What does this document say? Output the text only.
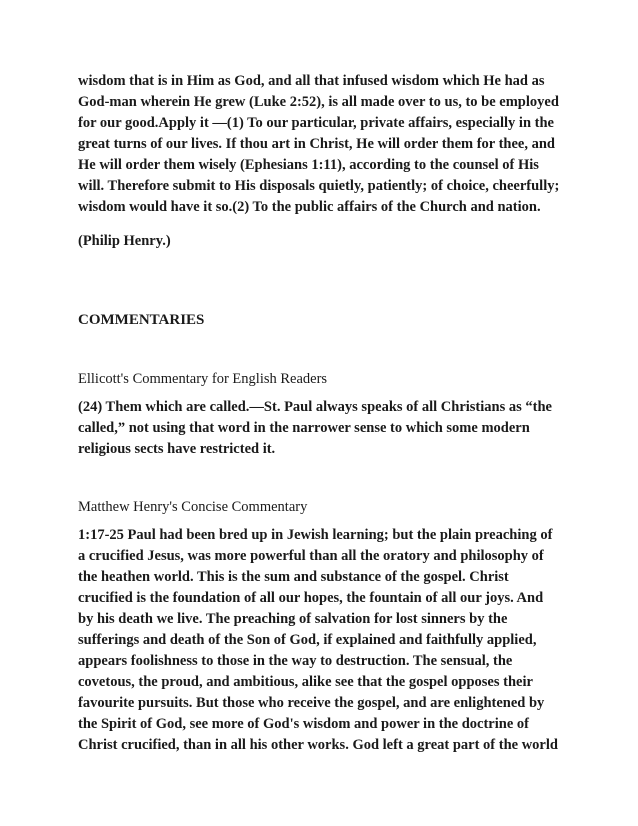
wisdom that is in Him as God, and all that infused wisdom which He had as
God-man wherein He grew (Luke 2:52), is all made over to us, to be employed
for our good.Apply it —(1) To our particular, private affairs, especially in the
great turns of our lives. If thou art in Christ, He will order them for thee, and
He will order them wisely (Ephesians 1:11), according to the counsel of His
will. Therefore submit to His disposals quietly, patiently; of choice, cheerfully;
wisdom would have it so.(2) To the public affairs of the Church and nation.

(Philip Henry.)

COMMENTARIES
Ellicott's Commentary for English Readers

(24) Them which are called.—St. Paul always speaks of all Christians as “the
called,” not using that word in the narrower sense to which some modern
religious sects have restricted it.

Matthew Henry's Concise Commentary

1:17-25 Paul had been bred up in Jewish learning; but the plain preaching of
a crucified Jesus, was more powerful than all the oratory and philosophy of
the heathen world. This is the sum and substance of the gospel. Christ
crucified is the foundation of all our hopes, the fountain of all our joys. And
by his death we live. The preaching of salvation for lost sinners by the
sufferings and death of the Son of God, if explained and faithfully applied,
appears foolishness to those in the way to destruction. The sensual, the
covetous, the proud, and ambitious, alike see that the gospel opposes their
favourite pursuits. But those who receive the gospel, and are enlightened by
the Spirit of God, see more of God's wisdom and power in the doctrine of
Christ crucified, than in all his other works. God left a great part of the world
